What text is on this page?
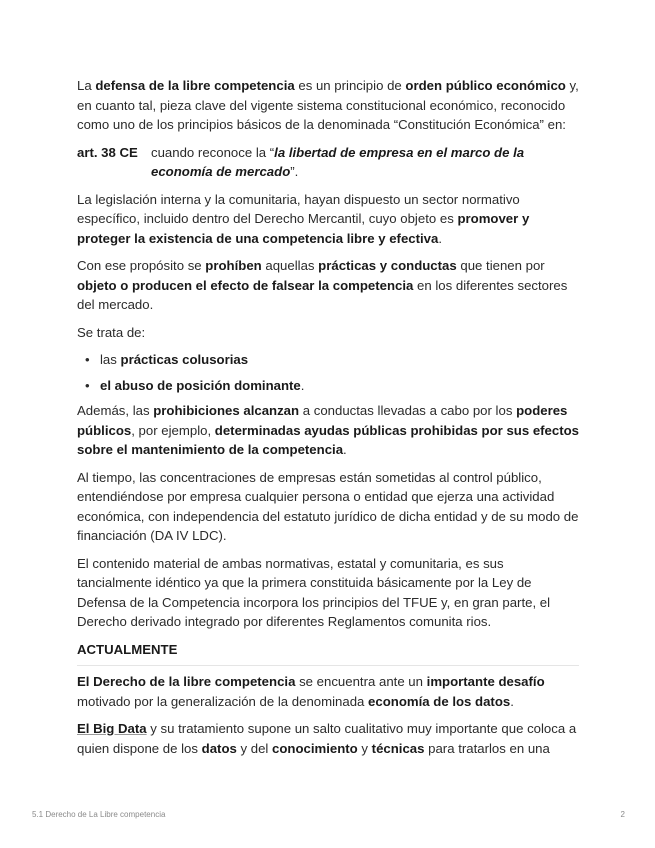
La defensa de la libre competencia es un principio de orden público económico y, en cuanto tal, pieza clave del vigente sistema constitucional económico, reconocido como uno de los principios básicos de la denominada “Constitución Económica” en:

art. 38 CE cuando reconoce la “la libertad de empresa en el marco de la economía de mercado”.

La legislación interna y la comunitaria, hayan dispuesto un sector normativo específico, incluido dentro del Derecho Mercantil, cuyo objeto es promover y proteger la existencia de una competencia libre y efectiva.

Con ese propósito se prohíben aquellas prácticas y conductas que tienen por objeto o producen el efecto de falsear la competencia en los diferentes sectores del mercado.

Se trata de:

• las prácticas colusorias
• el abuso de posición dominante.

Además, las prohibiciones alcanzan a conductas llevadas a cabo por los poderes públicos, por ejemplo, determinadas ayudas públicas prohibidas por sus efectos sobre el mantenimiento de la competencia.

Al tiempo, las concentraciones de empresas están sometidas al control público, entendiéndose por empresa cualquier persona o entidad que ejerza una actividad económica, con independencia del estatuto jurídico de dicha entidad y de su modo de financiación (DA IV LDC).

El contenido material de ambas normativas, estatal y comunitaria, es sus tancialmente idéntico ya que la primera constituida básicamente por la Ley de Defensa de la Competencia incorpora los principios del TFUE y, en gran parte, el Derecho derivado integrado por diferentes Reglamentos comunita rios.

ACTUALMENTE

El Derecho de la libre competencia se encuentra ante un importante desafío motivado por la generalización de la denominada economía de los datos.

El Big Data y su tratamiento supone un salto cualitativo muy importante que coloca a quien dispone de los datos y del conocimiento y técnicas para tratarlos en una

5.1 Derecho de La Libre competencia	2
